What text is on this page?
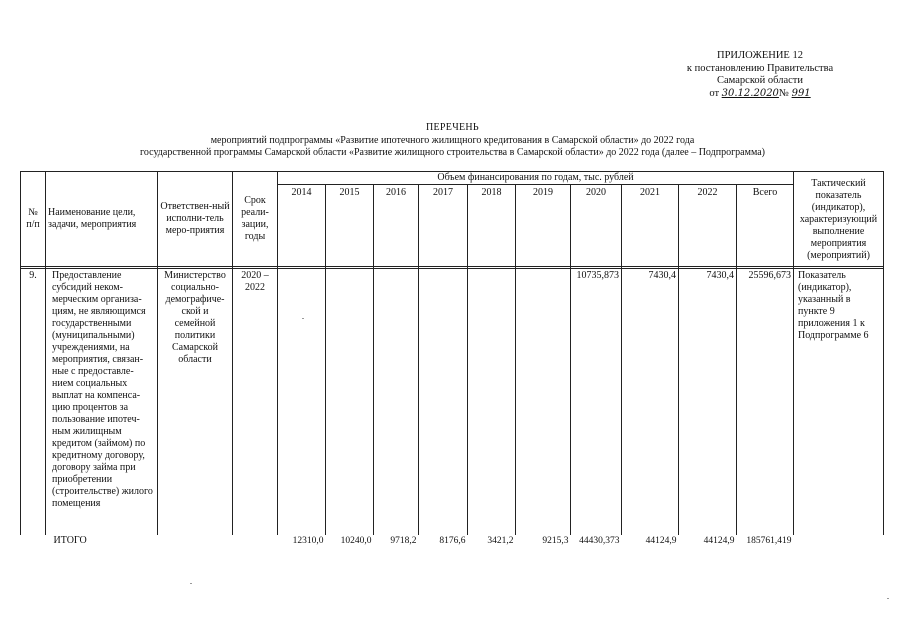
ПРИЛОЖЕНИЕ 12
к постановлению Правительства
Самарской области
от 30.12.2020№ 991
ПЕРЕЧЕНЬ
мероприятий подпрограммы «Развитие ипотечного жилищного кредитования в Самарской области» до 2022 года
государственной программы Самарской области «Развитие жилищного строительства в Самарской области» до 2022 года (далее – Подпрограмма)
№ п/п	Наименование цели, задачи, мероприятия	Ответствен-ный исполни-тель меро-приятия	Срок реали-зации, годы	Объем финансирования по годам, тыс. рублей										Тактический показатель (индикатор), характеризующий выполнение мероприятия (мероприятий)
				2014	2015	2016	2017	2018	2019	2020	2021	2022	Всего	
9.	Предоставление субсидий неком-мерческим организа-циям, не являющимся государственными (муниципальными) учреждениями, на мероприятия, связан-ные с предоставле-нием социальных выплат на компенса-цию процентов за пользование ипотеч-ным жилищным кредитом (займом) по кредитному договору, договору займа при приобретении (строительстве) жилого помещения	Министерство социально-демографиче-ской и семейной политики Самарской области	2020 – 2022							10735,873	7430,4	7430,4	25596,673	Показатель (индикатор), указанный в пункте 9 приложения 1 к Подпрограмме 6
	ИТОГО			12310,0	10240,0	9718,2	8176,6	3421,2	9215,3	44430,373	44124,9	44124,9	185761,419	
